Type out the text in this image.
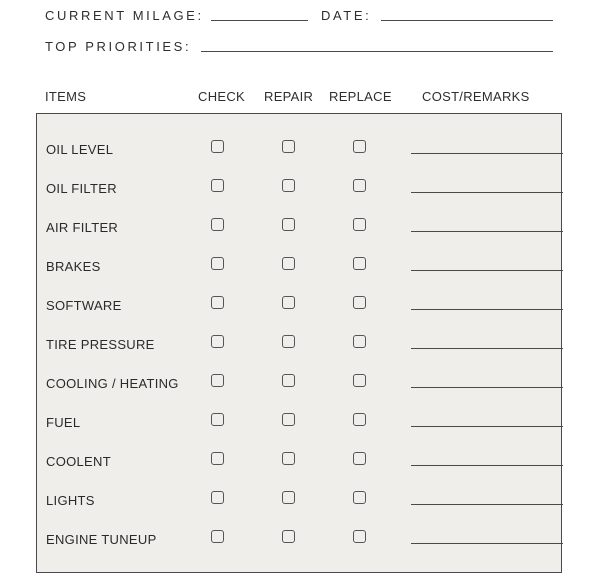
CURRENT MILAGE:	DATE:
TOP PRIORITIES:
ITEMS	CHECK REPAIR REPLACE COST/REMARKS
OIL LEVEL
OIL FILTER
AIR FILTER
BRAKES
SOFTWARE
TIRE PRESSURE
COOLING / HEATING
FUEL
COOLENT
LIGHTS
ENGINE TUNEUP
